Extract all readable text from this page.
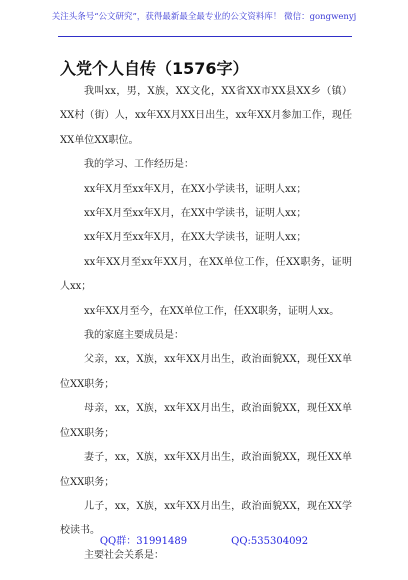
关注头条号“公文研究”，获得最新最全最专业的公文资料库！ 微信：gongwenyj
入党个人自传（1576字）

我叫xx，男，X族，XX文化，XX省XX市XX县XX乡（镇）XX村（街）人，xx年XX月XX日出生，xx年XX月参加工作，现任XX单位XX职位。

我的学习、工作经历是：

xx年X月至xx年X月，在XX小学读书，证明人xx；

xx年X月至xx年X月，在XX中学读书，证明人xx；

xx年X月至xx年X月，在XX大学读书，证明人xx；

xx年XX月至xx年XX月，在XX单位工作，任XX职务，证明人xx；

xx年XX月至今，在XX单位工作，任XX职务，证明人xx。

我的家庭主要成员是：

父亲，xx，X族，xx年XX月出生，政治面貌XX，现任XX单位XX职务；

母亲，xx，X族，xx年XX月出生，政治面貌XX，现任XX单位XX职务；

妻子，xx，X族，xx年XX月出生，政治面貌XX，现任XX单位XX职务；

儿子，xx，X族，xx年XX月出生，政治面貌XX，现在XX学校读书。

主要社会关系是：

QQ群：31991489	QQ:535304092
